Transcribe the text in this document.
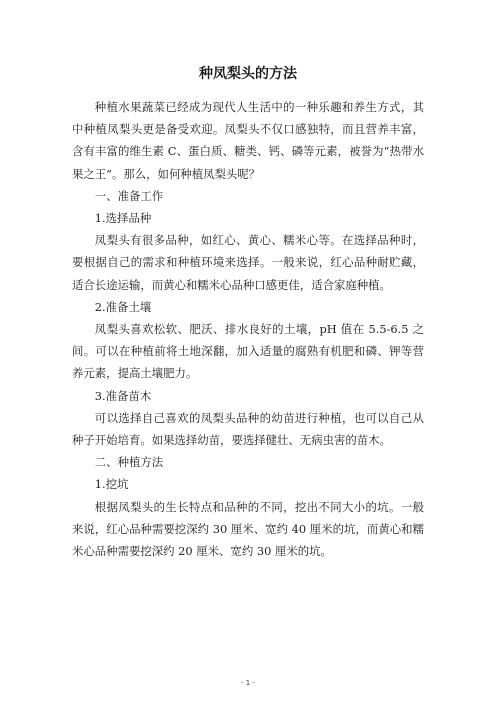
种凤梨头的方法

种植水果蔬菜已经成为现代人生活中的一种乐趣和养生方式，其中种植凤梨头更是备受欢迎。凤梨头不仅口感独特，而且营养丰富，含有丰富的维生素 C、蛋白质、糖类、钙、磷等元素，被誉为“热带水果之王”。那么，如何种植凤梨头呢？

一、准备工作

1.选择品种

凤梨头有很多品种，如红心、黄心、糯米心等。在选择品种时，要根据自己的需求和种植环境来选择。一般来说，红心品种耐贮藏，适合长途运输，而黄心和糯米心品种口感更佳，适合家庭种植。

2.准备土壤

凤梨头喜欢松软、肥沃、排水良好的土壤，pH 值在 5.5-6.5 之间。可以在种植前将土地深翻，加入适量的腐熟有机肥和磷、钾等营养元素，提高土壤肥力。

3.准备苗木

可以选择自己喜欢的凤梨头品种的幼苗进行种植，也可以自己从种子开始培育。如果选择幼苗，要选择健壮、无病虫害的苗木。

二、种植方法

1.挖坑

根据凤梨头的生长特点和品种的不同，挖出不同大小的坑。一般来说，红心品种需要挖深约 30 厘米、宽约 40 厘米的坑，而黄心和糯米心品种需要挖深约 20 厘米、宽约 30 厘米的坑。

- 1 -
